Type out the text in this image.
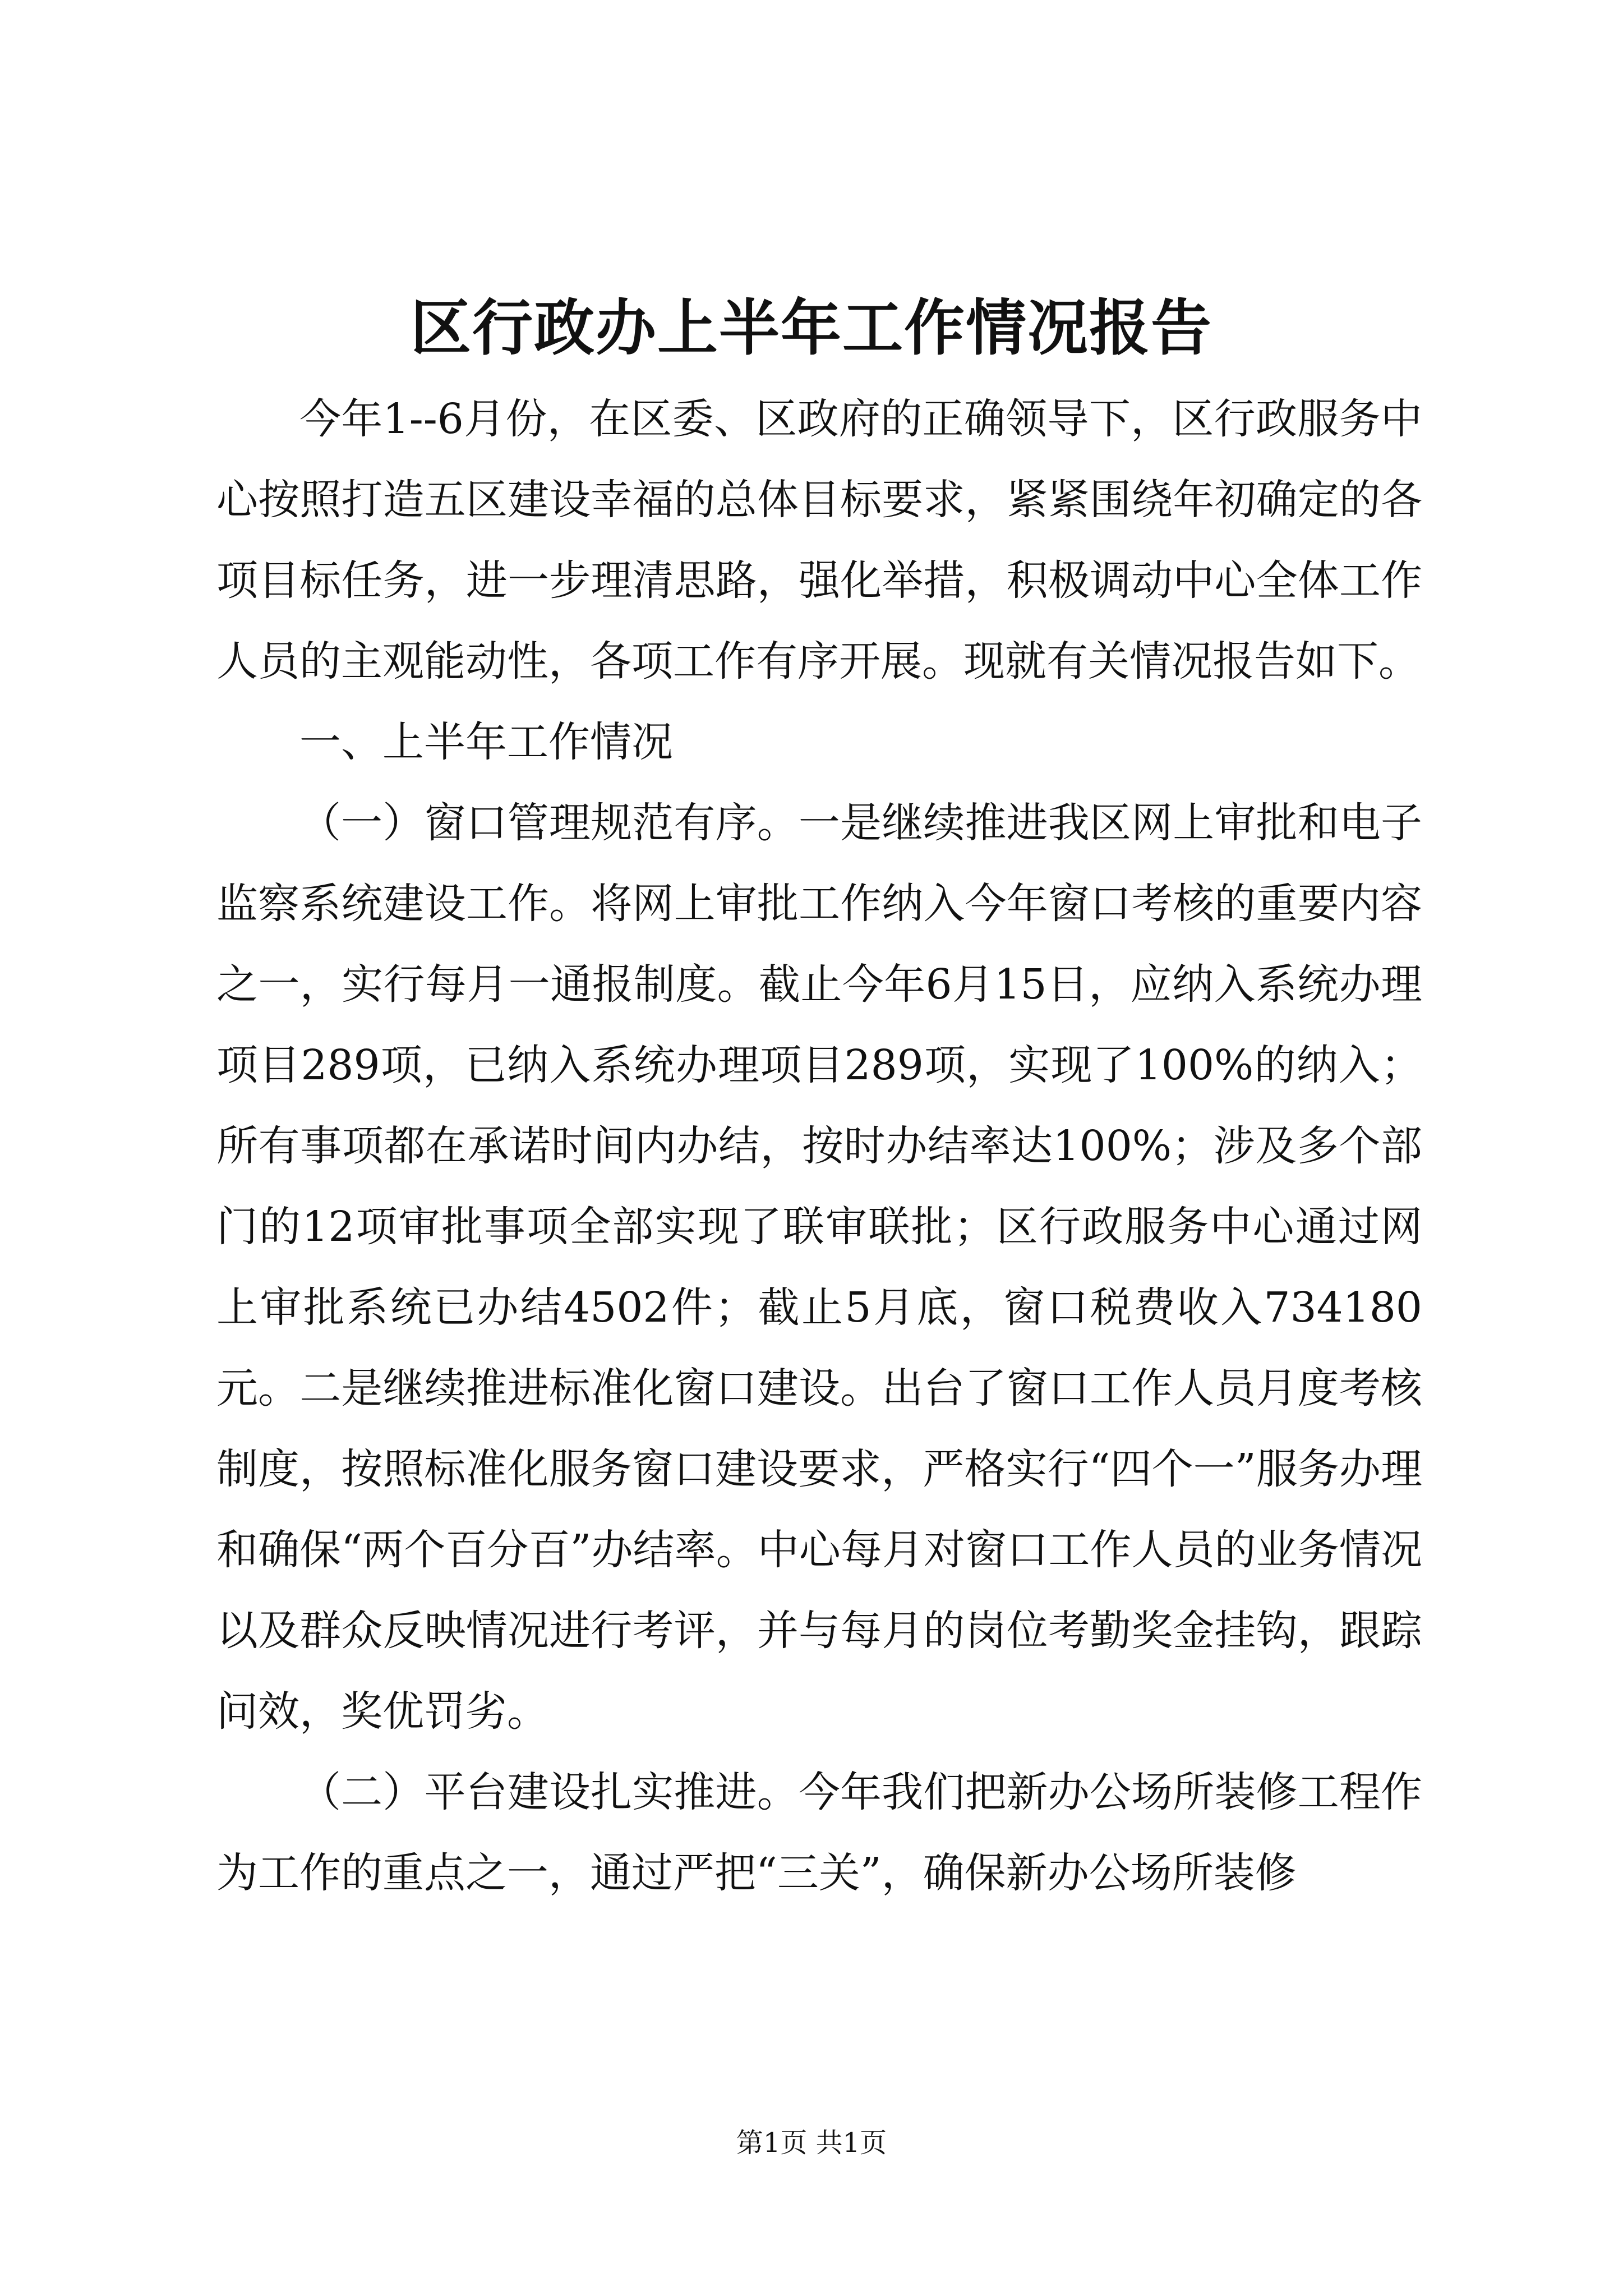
区行政办上半年工作情况报告

今年1--6月份，在区委、区政府的正确领导下，区行政服务中心按照打造五区建设幸福的总体目标要求，紧紧围绕年初确定的各项目标任务，进一步理清思路，强化举措，积极调动中心全体工作人员的主观能动性，各项工作有序开展。现就有关情况报告如下。

一、上半年工作情况

（一）窗口管理规范有序。一是继续推进我区网上审批和电子监察系统建设工作。将网上审批工作纳入今年窗口考核的重要内容之一，实行每月一通报制度。截止今年6月15日，应纳入系统办理项目289项，已纳入系统办理项目289项，实现了100%的纳入；所有事项都在承诺时间内办结，按时办结率达100%；涉及多个部门的12项审批事项全部实现了联审联批；区行政服务中心通过网上审批系统已办结4502件；截止5月底，窗口税费收入734180元。二是继续推进标准化窗口建设。出台了窗口工作人员月度考核制度，按照标准化服务窗口建设要求，严格实行“四个一”服务办理和确保“两个百分百”办结率。中心每月对窗口工作人员的业务情况以及群众反映情况进行考评，并与每月的岗位考勤奖金挂钩，跟踪问效，奖优罚劣。

（二）平台建设扎实推进。今年我们把新办公场所装修工程作为工作的重点之一，通过严把“三关”，确保新办公场所装修

第1页 共1页
